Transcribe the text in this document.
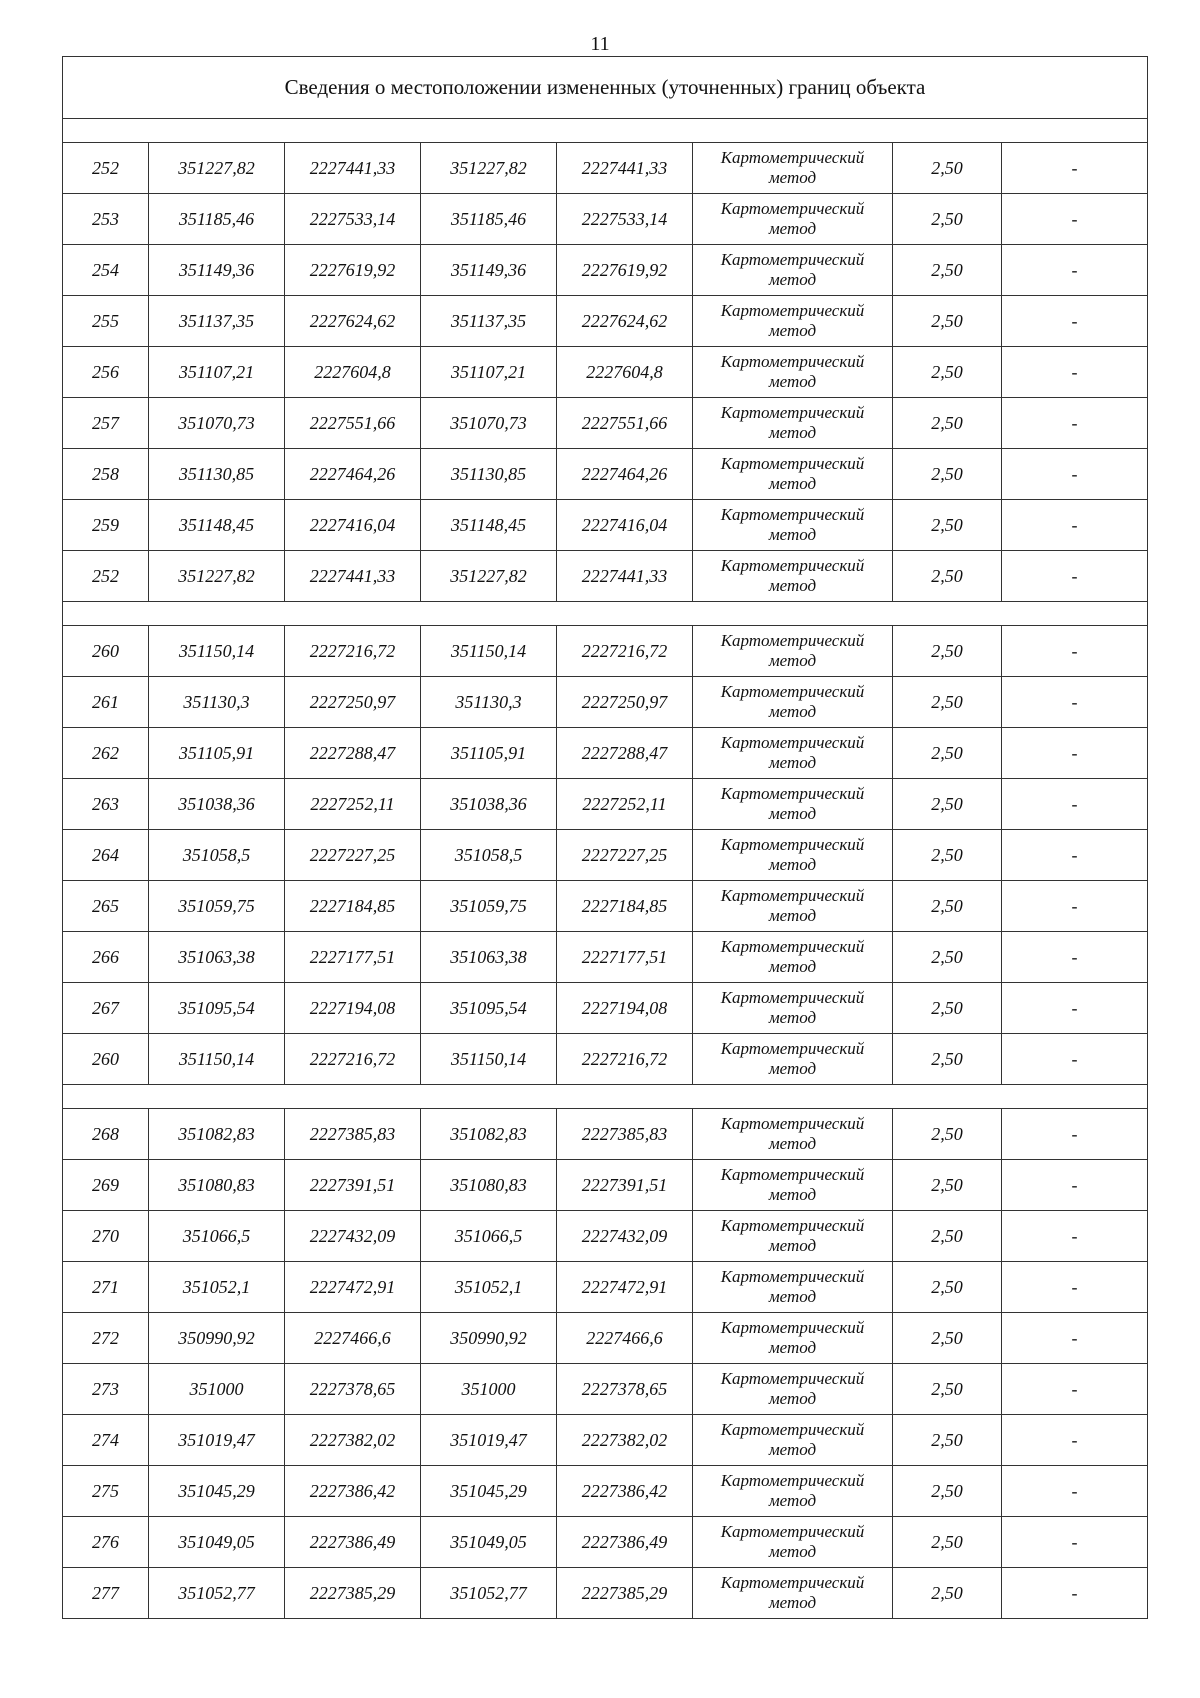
11
Сведения о местоположении измененных (уточненных) границ объекта							

252	351227,82	2227441,33	351227,82	2227441,33	Картометрический
метод	2,50	-
253	351185,46	2227533,14	351185,46	2227533,14	Картометрический
метод	2,50	-
254	351149,36	2227619,92	351149,36	2227619,92	Картометрический
метод	2,50	-
255	351137,35	2227624,62	351137,35	2227624,62	Картометрический
метод	2,50	-
256	351107,21	2227604,8	351107,21	2227604,8	Картометрический
метод	2,50	-
257	351070,73	2227551,66	351070,73	2227551,66	Картометрический
метод	2,50	-
258	351130,85	2227464,26	351130,85	2227464,26	Картометрический
метод	2,50	-
259	351148,45	2227416,04	351148,45	2227416,04	Картометрический
метод	2,50	-
252	351227,82	2227441,33	351227,82	2227441,33	Картометрический
метод	2,50	-

260	351150,14	2227216,72	351150,14	2227216,72	Картометрический
метод	2,50	-
261	351130,3	2227250,97	351130,3	2227250,97	Картометрический
метод	2,50	-
262	351105,91	2227288,47	351105,91	2227288,47	Картометрический
метод	2,50	-
263	351038,36	2227252,11	351038,36	2227252,11	Картометрический
метод	2,50	-
264	351058,5	2227227,25	351058,5	2227227,25	Картометрический
метод	2,50	-
265	351059,75	2227184,85	351059,75	2227184,85	Картометрический
метод	2,50	-
266	351063,38	2227177,51	351063,38	2227177,51	Картометрический
метод	2,50	-
267	351095,54	2227194,08	351095,54	2227194,08	Картометрический
метод	2,50	-
260	351150,14	2227216,72	351150,14	2227216,72	Картометрический
метод	2,50	-

268	351082,83	2227385,83	351082,83	2227385,83	Картометрический
метод	2,50	-
269	351080,83	2227391,51	351080,83	2227391,51	Картометрический
метод	2,50	-
270	351066,5	2227432,09	351066,5	2227432,09	Картометрический
метод	2,50	-
271	351052,1	2227472,91	351052,1	2227472,91	Картометрический
метод	2,50	-
272	350990,92	2227466,6	350990,92	2227466,6	Картометрический
метод	2,50	-
273	351000	2227378,65	351000	2227378,65	Картометрический
метод	2,50	-
274	351019,47	2227382,02	351019,47	2227382,02	Картометрический
метод	2,50	-
275	351045,29	2227386,42	351045,29	2227386,42	Картометрический
метод	2,50	-
276	351049,05	2227386,49	351049,05	2227386,49	Картометрический
метод	2,50	-
277	351052,77	2227385,29	351052,77	2227385,29	Картометрический
метод	2,50	-
